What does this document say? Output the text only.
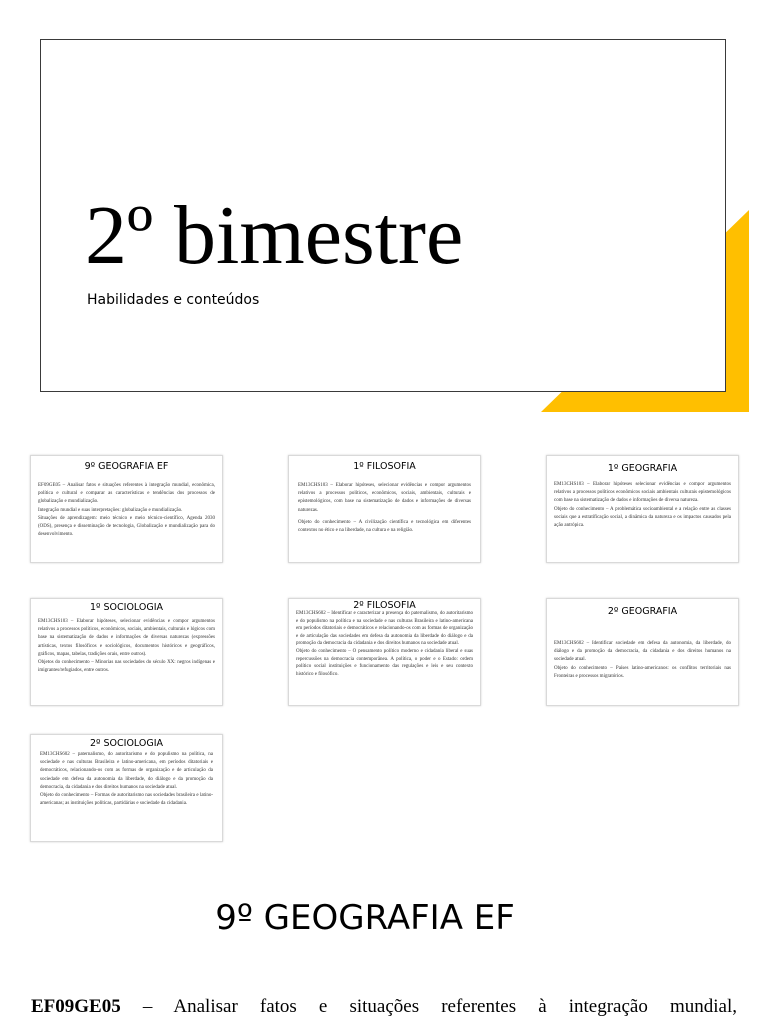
2º bimestre
Habilidades e conteúdos
9º GEOGRAFIA EF

EF09GE05 – Analisar fatos e situações referentes à integração mundial, econômica, política e cultural e comparar as características e tendências dos processos de globalização e mundialização.

Integração mundial e suas interpretações: globalização e mundialização.

Situações de aprendizagem: meio técnico e meio técnico-científico, Agenda 2030 (ODS), presença e disseminação de tecnologia, Globalização e mundialização para do desenvolvimento.

1º FILOSOFIA

EM13CHS103 – Elaborar hipóteses, selecionar evidências e compor argumentos relativos a processos políticos, econômicos, sociais, ambientais, culturais e epistemológicos, com base na sistematização de dados e informações de diversas naturezas.

Objeto do conhecimento – A civilização científica e tecnológica em diferentes contextos no ético e na liberdade, na cultura e na religião.

1º GEOGRAFIA

EM13CHS103 – Elaborar hipóteses selecionar evidências e compor argumentos relativos a processos políticos econômicos sociais ambientais culturais epistemológicos com base na sistematização de dados e informações de diversa natureza.

Objeto do conhecimento – A problemática socioambiental e a relação entre as classes sociais que a estratificação social, a dinâmica da natureza e os impactos causados pela ação antrópica.

1º SOCIOLOGIA

EM13CHS103 – Elaborar hipóteses, selecionar evidências e compor argumentos relativos a processos políticos, econômicos, sociais, ambientais, culturais e lógicos com base na sistematização de dados e informações de diversas naturezas (expressões artísticas, textos filosóficos e sociológicos, documentos históricos e geográficos, gráficos, mapas, tabelas, tradições orais, entre outros).

Objetos do conhecimento – Minorias nas sociedades do século XX: negros indígenas e imigrantes/refugiados, entre outros.

2º FILOSOFIA

EM13CHS602 – Identificar e caracterizar a presença do paternalismo, do autoritarismo e do populismo na política e na sociedade e nas culturas Brasileira e latino-americana em períodos ditatoriais e democráticos e relacionando-os com as formas de organização e de articulação das sociedades em defesa da autonomia da liberdade do diálogo e da promoção da democracia da cidadania e dos direitos humanos na sociedade atual.

Objeto do conhecimento – O pensamento político moderno e cidadania liberal e suas repercussões na democracia contemporânea. A política, o poder e o Estado: ordem político social instituições e funcionamento das regulações e leis e seu contexto histórico e filosófico.

2º GEOGRAFIA

EM13CHS602 – Identificar sociedade em defesa da autonomia, da liberdade, do diálogo e da promoção da democracia, da cidadania e dos direitos humanos na sociedade atual.

Objeto do conhecimento – Países latino-americanos: os conflitos territoriais nas Fronteiras e processos migratórios.

2º SOCIOLOGIA

EM13CHS602 – paternalismo, do autoritarismo e do populismo na política, na sociedade e nas culturas Brasileira e latino-americana, em períodos ditatoriais e democráticos, relacionando-os com as formas de organização e de articulação da sociedade em defesa da autonomia da liberdade, do diálogo e da promoção da democracia, da cidadania e dos direitos humanos na sociedade atual.

Objeto do conhecimento – Formas de autoritarismo nas sociedades brasileira e latino-americanas; as instituições políticas, partidárias e sociedade da cidadania.

9º GEOGRAFIA EF
EF09GE05 – Analisar fatos e situações referentes à integração mundial,
